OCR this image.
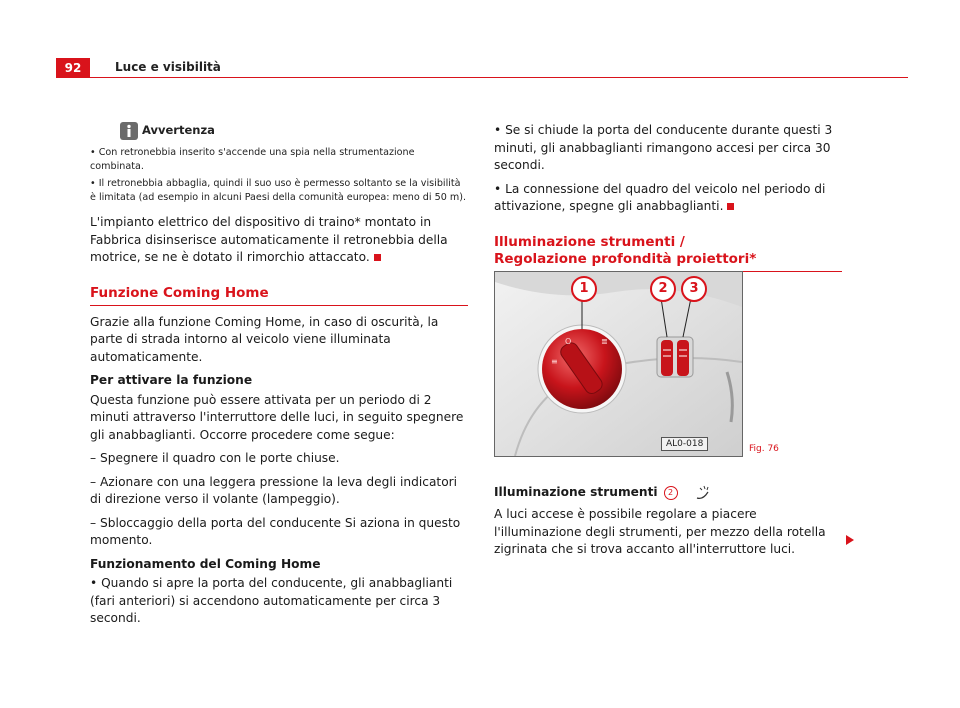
92	Luce e visibilità
Avvertenza

• Con retronebbia inserito s'accende una spia nella strumentazione combinata.

• Il retronebbia abbaglia, quindi il suo uso è permesso soltanto se la visibilità è limitata (ad esempio in alcuni Paesi della comunità europea: meno di 50 m).

L'impianto elettrico del dispositivo di traino* montato in Fabbrica disinserisce automaticamente il retronebbia della motrice, se ne è dotato il rimorchio attaccato.

Funzione Coming Home

Grazie alla funzione Coming Home, in caso di oscurità, la parte di strada intorno al veicolo viene illuminata automaticamente.

Per attivare la funzione

Questa funzione può essere attivata per un periodo di 2 minuti attraverso l'interruttore delle luci, in seguito spegnere gli anabbaglianti. Occorre procedere come segue:

– Spegnere il quadro con le porte chiuse.

– Azionare con una leggera pressione la leva degli indicatori di direzione verso il volante (lampeggio).

– Sbloccaggio della porta del conducente Si aziona in questo momento.

Funzionamento del Coming Home

• Quando si apre la porta del conducente, gli anabbaglianti (fari anteriori) si accendono automaticamente per circa 3 secondi.

• Se si chiude la porta del conducente durante questi 3 minuti, gli anabbaglianti rimangono accesi per circa 30 secondi.

• La connessione del quadro del veicolo nel periodo di attivazione, spegne gli anabbaglianti.

Illuminazione strumenti /
Regolazione profondità proiettori*
O
≡
≣
1	2	3
AL0-018	Fig. 76
Illuminazione strumenti	2

A luci accese è possibile regolare a piacere l'illuminazione degli strumenti, per mezzo della rotella zigrinata che si trova accanto all'interruttore luci.
